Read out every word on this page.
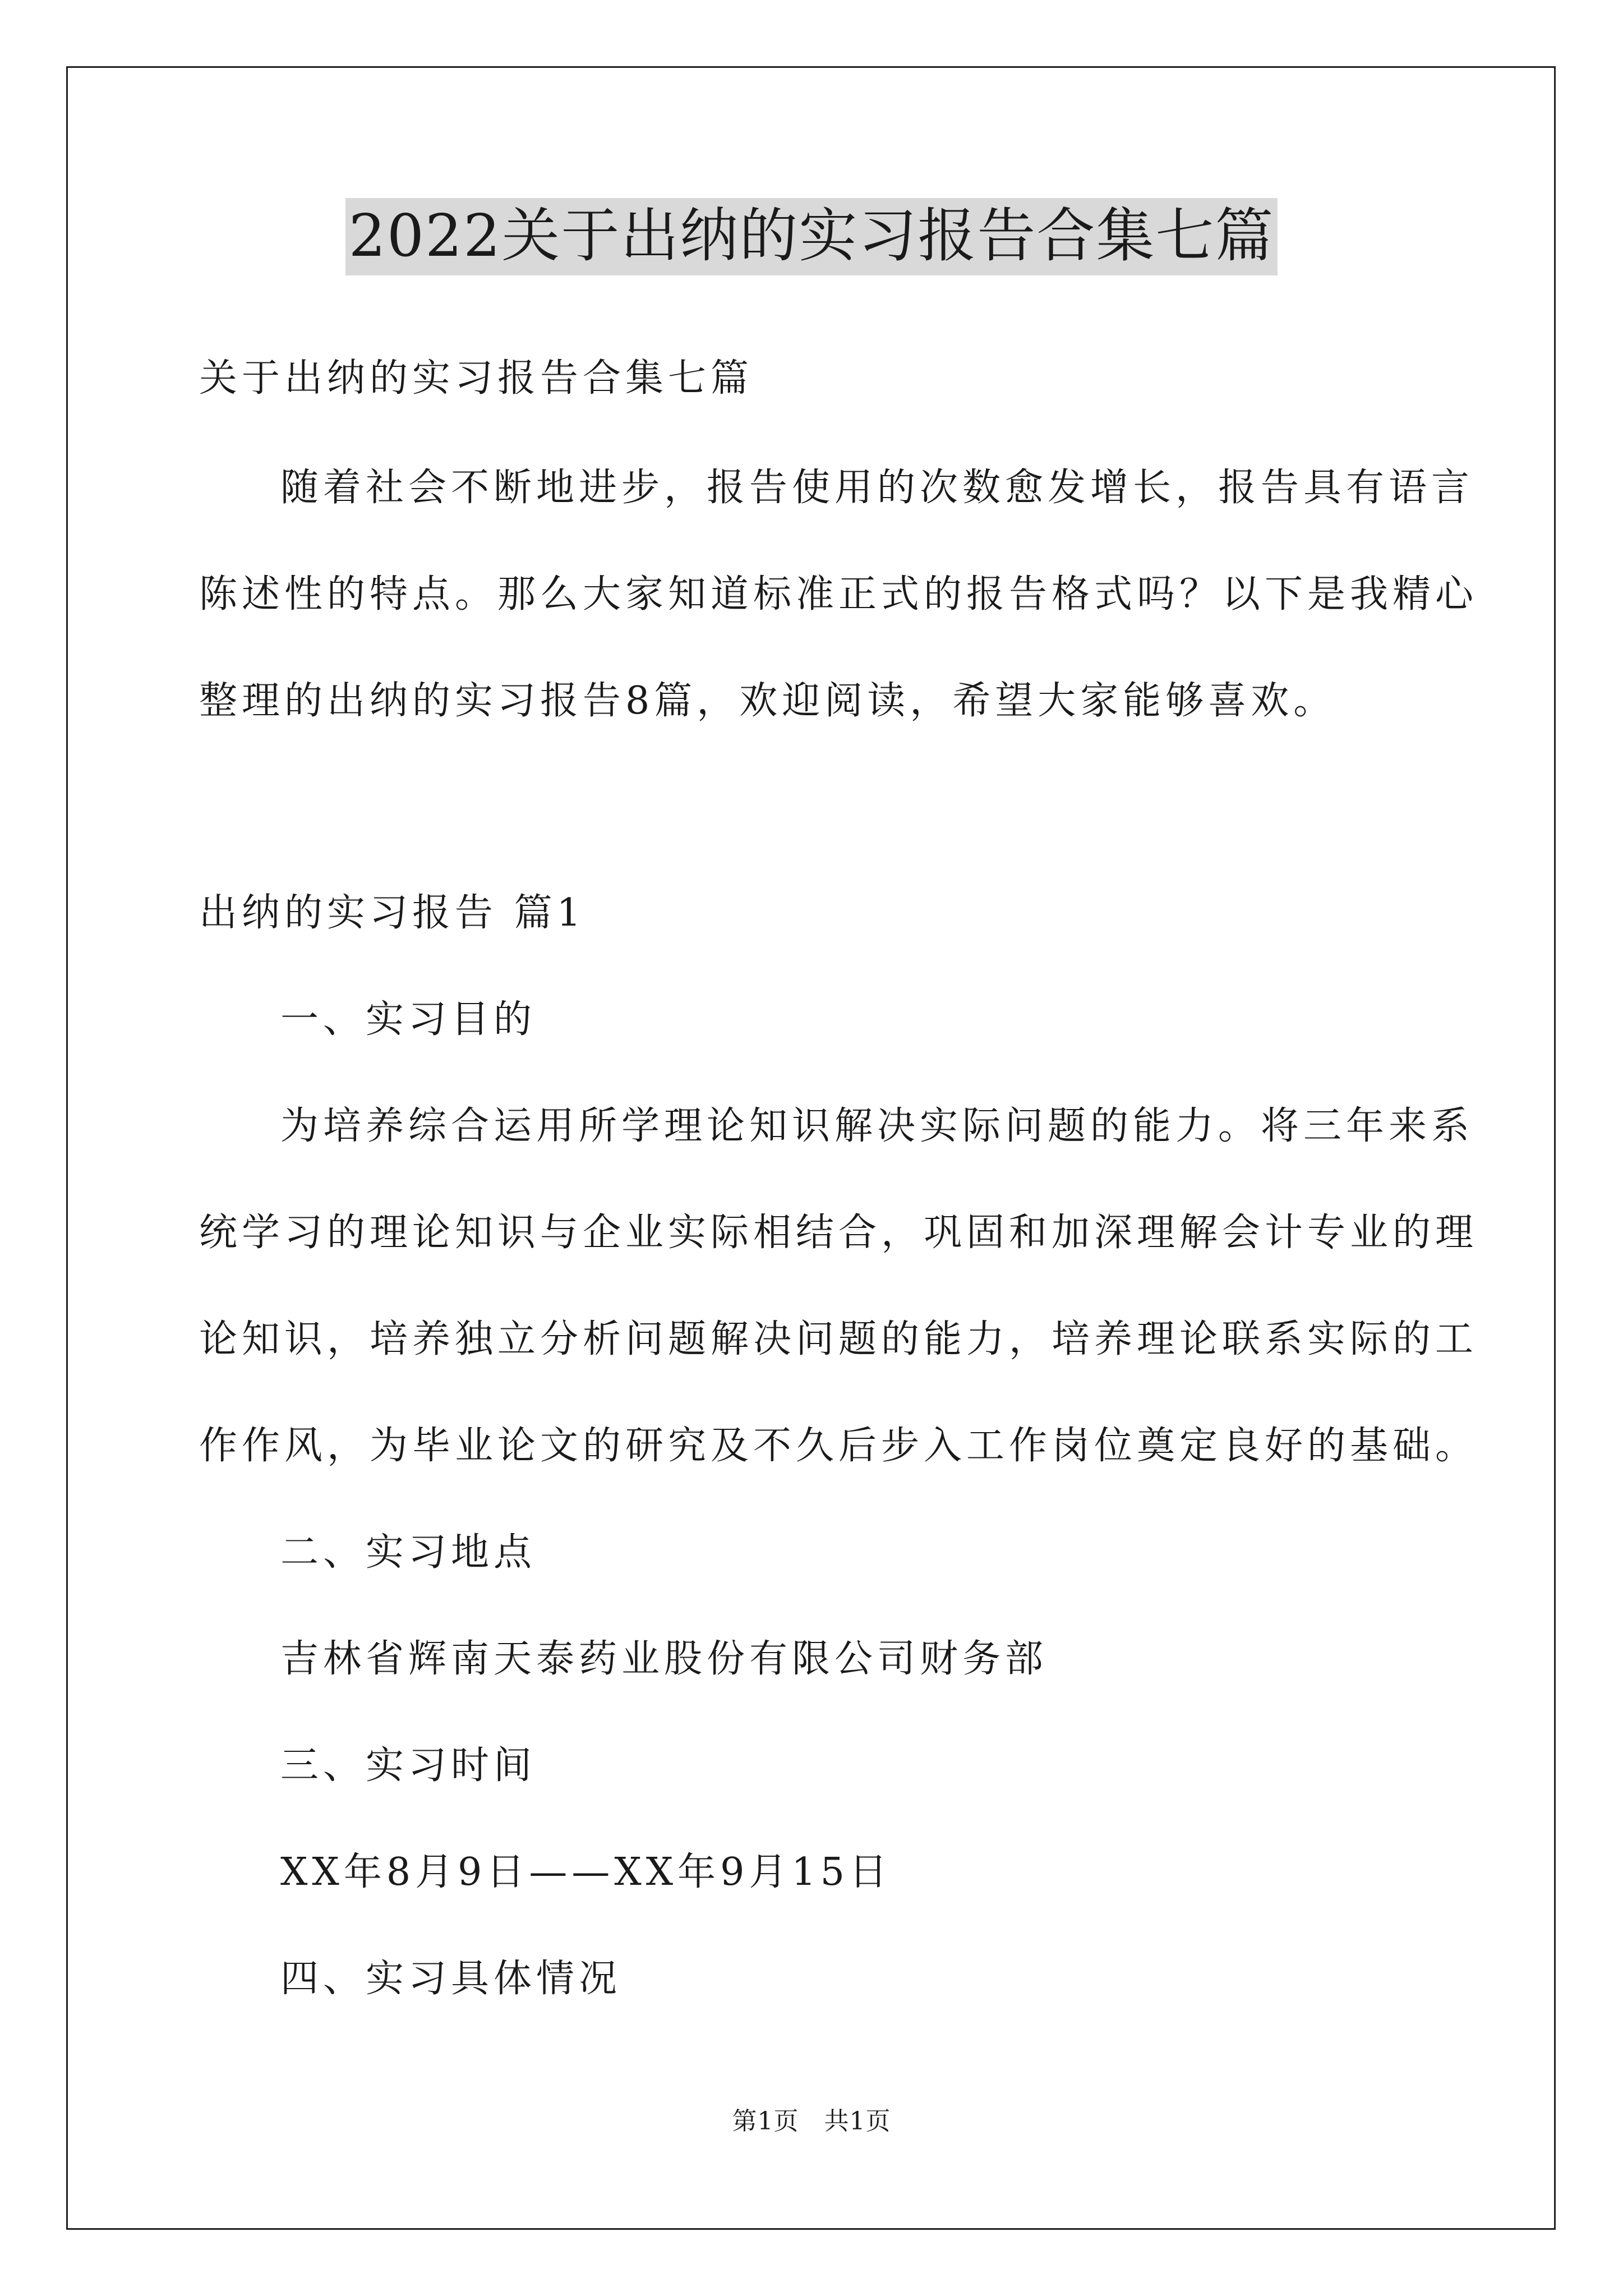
2022关于出纳的实习报告合集七篇
关于出纳的实习报告合集七篇
随着社会不断地进步，报告使用的次数愈发增长，报告具有语言
陈述性的特点。那么大家知道标准正式的报告格式吗？以下是我精心
整理的出纳的实习报告8篇，欢迎阅读，希望大家能够喜欢。
出纳的实习报告 篇1
一、实习目的
为培养综合运用所学理论知识解决实际问题的能力。将三年来系
统学习的理论知识与企业实际相结合，巩固和加深理解会计专业的理
论知识，培养独立分析问题解决问题的能力，培养理论联系实际的工
作作风，为毕业论文的研究及不久后步入工作岗位奠定良好的基础。
二、实习地点
吉林省辉南天泰药业股份有限公司财务部
三、实习时间
XX年8月9日——XX年9月15日
四、实习具体情况
第1页　共1页
